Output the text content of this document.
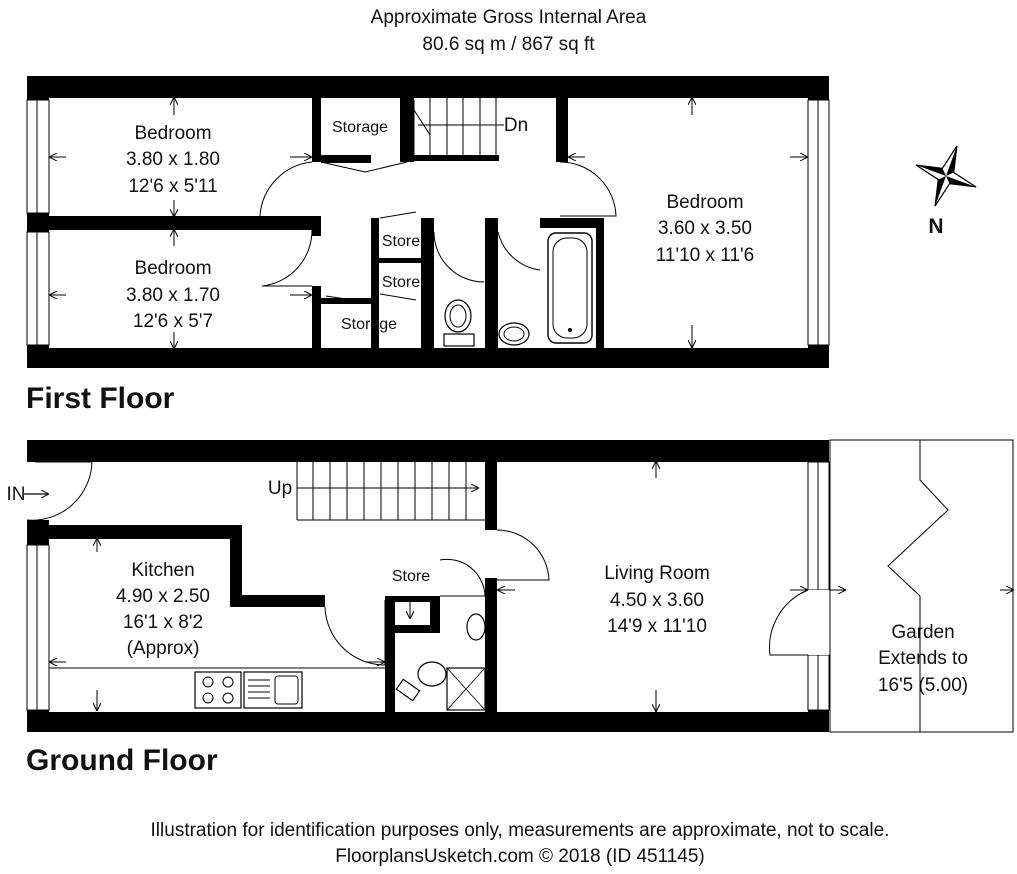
Approximate Gross Internal Area
80.6 sq m / 867 sq ft
N
Bedroom
3.80 x 1.80
12'6 x 5'11
Bedroom
3.80 x 1.70
12'6 x 5'7
Bedroom
3.60 x 3.50
11'10 x 11'6
Storage
Storage
Store
Store
Dn
First Floor
IN	Up
Kitchen
4.90 x 2.50
16'1 x 8'2
(Approx)
Store	Living Room
4.50 x 3.60
14'9 x 11'10	Garden
Extends to
16'5 (5.00)
Ground Floor
Illustration for identification purposes only, measurements are approximate, not to scale.
FloorplansUsketch.com © 2018 (ID 451145)
